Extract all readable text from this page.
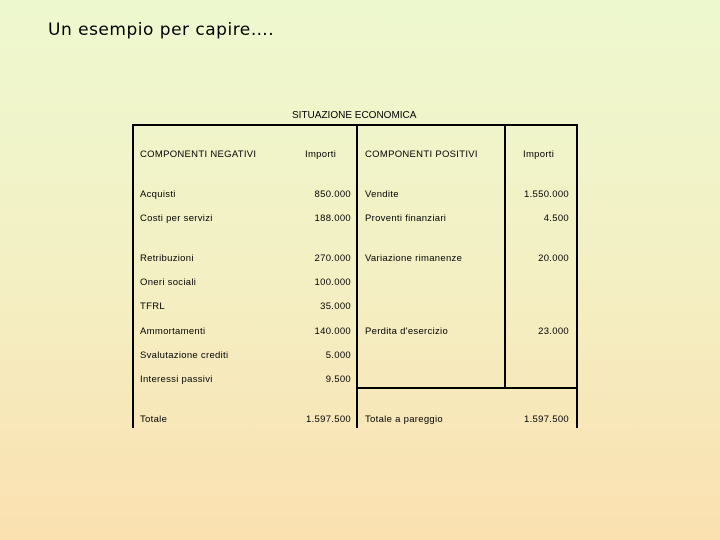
Un esempio per capire….
SITUAZIONE ECONOMICA
COMPONENTI NEGATIVI	Importi	COMPONENTI POSITIVI	Importi
Acquisti	850.000 Vendite	1.550.000
Costi per servizi	188.000 Proventi finanziari	4.500
Retribuzioni	270.000 Variazione rimanenze	20.000
Oneri sociali	100.000
TFRL	35.000
Ammortamenti	140.000 Perdita d'esercizio	23.000
Svalutazione crediti	5.000
Interessi passivi	9.500
Totale	1.597.500 Totale a pareggio	1.597.500
